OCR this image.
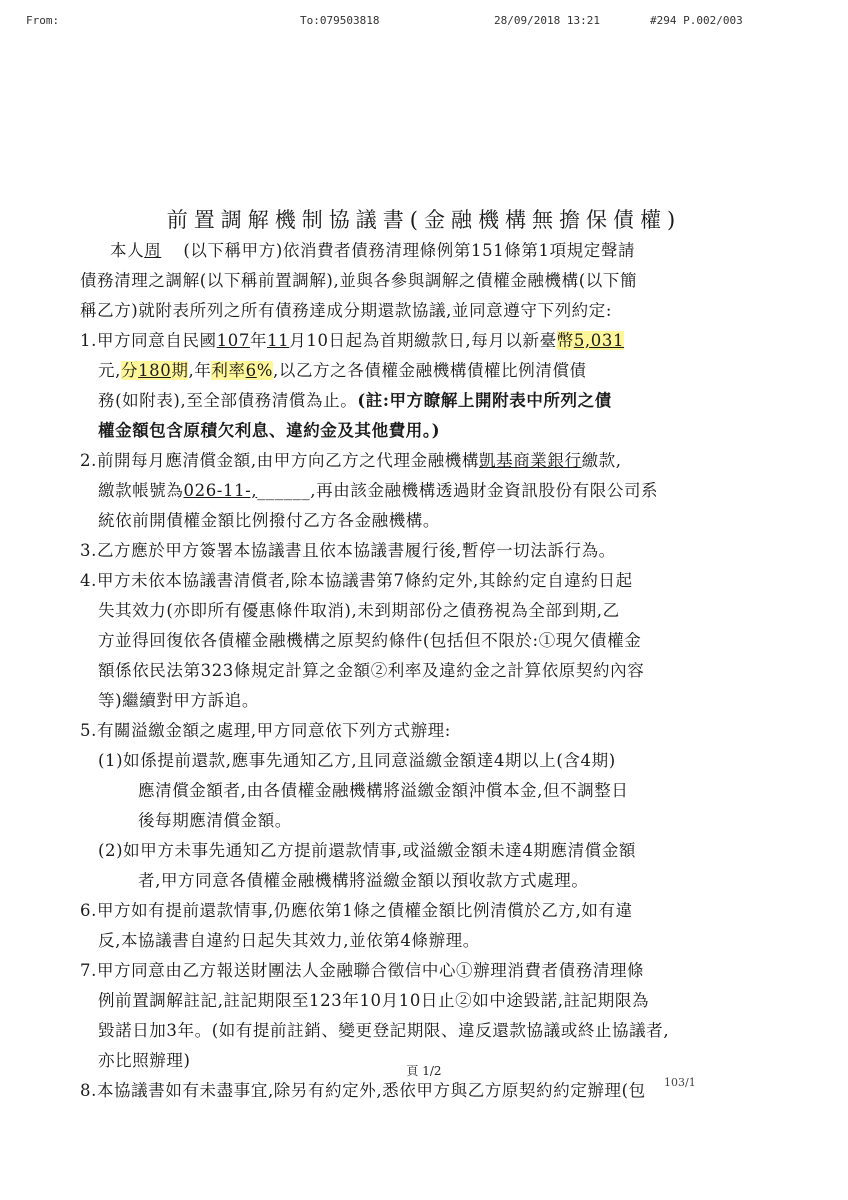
From:	To:079503818	28/09/2018 13:21	#294 P.002/003
前置調解機制協議書(金融機構無擔保債權)
本人周 (以下稱甲方)依消費者債務清理條例第151條第1項規定聲請
債務清理之調解(以下稱前置調解),並與各參與調解之債權金融機構(以下簡
稱乙方)就附表所列之所有債務達成分期還款協議,並同意遵守下列約定:
1.甲方同意自民國107年11月10日起為首期繳款日,每月以新臺幣5,031
元,分180期,年利率6%,以乙方之各債權金融機構債權比例清償債
務(如附表),至全部債務清償為止。(註:甲方瞭解上開附表中所列之債
權金額包含原積欠利息、違約金及其他費用。)
2.前開每月應清償金額,由甲方向乙方之代理金融機構凱基商業銀行繳款,
繳款帳號為026-11-,______,再由該金融機構透過財金資訊股份有限公司系
統依前開債權金額比例撥付乙方各金融機構。
3.乙方應於甲方簽署本協議書且依本協議書履行後,暫停一切法訴行為。
4.甲方未依本協議書清償者,除本協議書第7條約定外,其餘約定自違約日起
失其效力(亦即所有優惠條件取消),未到期部份之債務視為全部到期,乙
方並得回復依各債權金融機構之原契約條件(包括但不限於:①現欠債權金
額係依民法第323條規定計算之金額②利率及違約金之計算依原契約內容
等)繼續對甲方訴追。
5.有關溢繳金額之處理,甲方同意依下列方式辦理:
(1)如係提前還款,應事先通知乙方,且同意溢繳金額達4期以上(含4期)
應清償金額者,由各債權金融機構將溢繳金額沖償本金,但不調整日
後每期應清償金額。
(2)如甲方未事先通知乙方提前還款情事,或溢繳金額未達4期應清償金額
者,甲方同意各債權金融機構將溢繳金額以預收款方式處理。
6.甲方如有提前還款情事,仍應依第1條之債權金額比例清償於乙方,如有違
反,本協議書自違約日起失其效力,並依第4條辦理。
7.甲方同意由乙方報送財團法人金融聯合徵信中心①辦理消費者債務清理條
例前置調解註記,註記期限至123年10月10日止②如中途毀諾,註記期限為
毀諾日加3年。(如有提前註銷、變更登記期限、違反還款協議或終止協議者,
亦比照辦理)
8.本協議書如有未盡事宜,除另有約定外,悉依甲方與乙方原契約約定辦理(包
頁 1/2
103/1
